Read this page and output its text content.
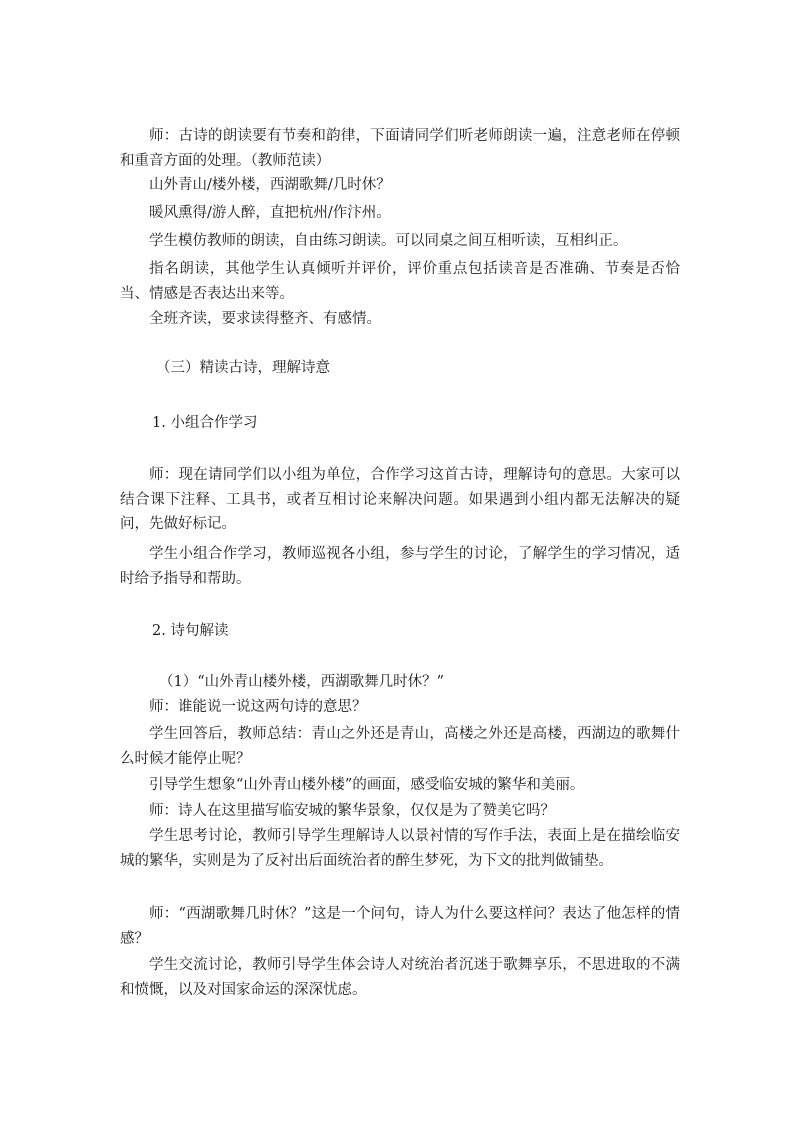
师：古诗的朗读要有节奏和韵律，下面请同学们听老师朗读一遍，注意老师在停顿和重音方面的处理。（教师范读）

山外青山/楼外楼，西湖歌舞/几时休？

暖风熏得/游人醉，直把杭州/作汴州。

学生模仿教师的朗读，自由练习朗读。可以同桌之间互相听读，互相纠正。

指名朗读，其他学生认真倾听并评价，评价重点包括读音是否准确、节奏是否恰当、情感是否表达出来等。

全班齐读，要求读得整齐、有感情。

（三）精读古诗，理解诗意

1. 小组合作学习

师：现在请同学们以小组为单位，合作学习这首古诗，理解诗句的意思。大家可以结合课下注释、工具书，或者互相讨论来解决问题。如果遇到小组内都无法解决的疑问，先做好标记。

学生小组合作学习，教师巡视各小组，参与学生的讨论，了解学生的学习情况，适时给予指导和帮助。

2. 诗句解读

（1）“山外青山楼外楼，西湖歌舞几时休？”

师：谁能说一说这两句诗的意思？

学生回答后，教师总结：青山之外还是青山，高楼之外还是高楼，西湖边的歌舞什么时候才能停止呢？

引导学生想象“山外青山楼外楼”的画面，感受临安城的繁华和美丽。

师：诗人在这里描写临安城的繁华景象，仅仅是为了赞美它吗？

学生思考讨论，教师引导学生理解诗人以景衬情的写作手法，表面上是在描绘临安城的繁华，实则是为了反衬出后面统治者的醉生梦死，为下文的批判做铺垫。

师：“西湖歌舞几时休？”这是一个问句，诗人为什么要这样问？表达了他怎样的情感？

学生交流讨论，教师引导学生体会诗人对统治者沉迷于歌舞享乐，不思进取的不满和愤慨，以及对国家命运的深深忧虑。
